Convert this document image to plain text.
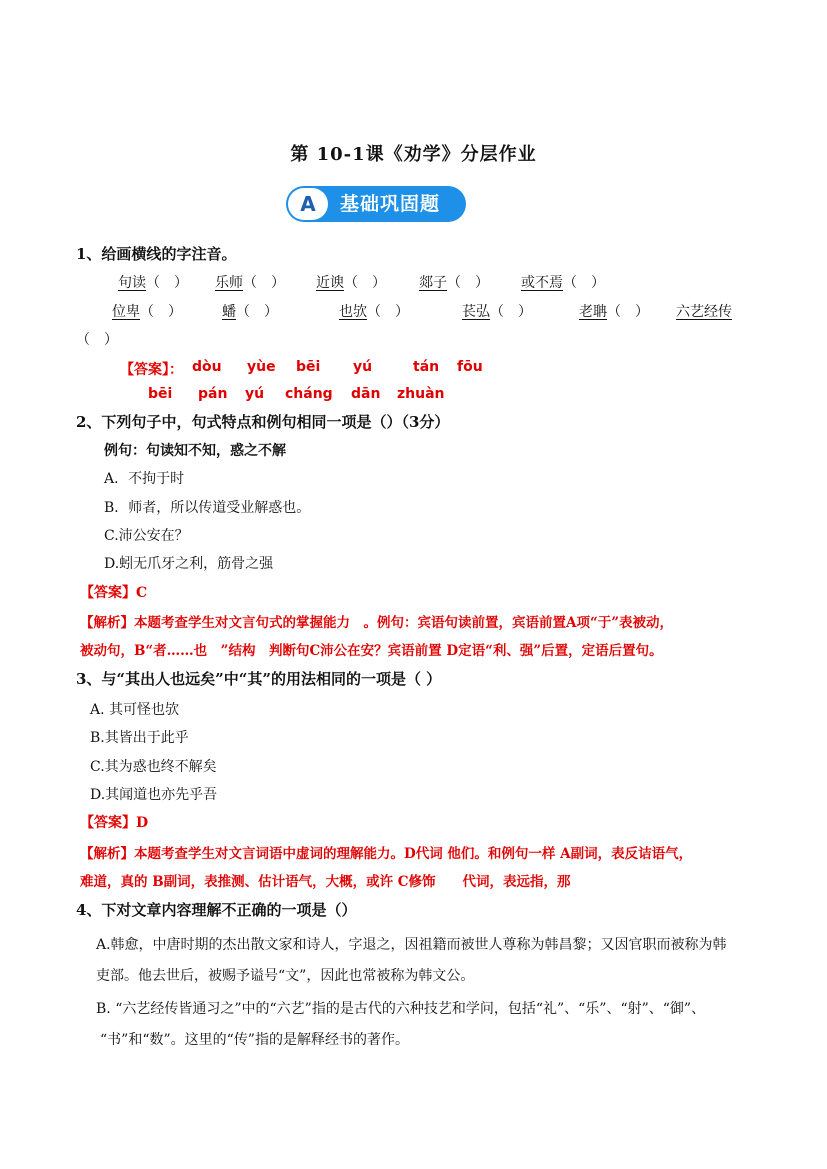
第 10-1课《劝学》分层作业
A	基础巩固题
1、给画横线的字注音。
句读（　） 乐师（　） 近谀（　） 郯子（　） 或不焉（　）
位卑（　）	蟠（　）	也欤（　）	苌弘（　）	老聃（　） 六艺经传
（　）
【答案】： dòu yùe bēi yú	tán fōu
bēi pán yú cháng dān zhuàn
2、下列句子中，句式特点和例句相同一项是（）（3分）
例句：句读知不知，惑之不解
A．不拘于时
B．师者，所以传道受业解惑也。
C.沛公安在？
D.蚓无爪牙之利，筋骨之强
【答案】C
【解析】本题考查学生对文言句式的掌握能力　。例句：宾语句读前置，宾语前置A项“于”表被动，
被动句，B“者……也　”结构　判断句C沛公在安？宾语前置 D定语“利、强”后置，定语后置句。
3、与“其出人也远矣”中“其”的用法相同的一项是（ ）
A. 其可怪也欤
B.其皆出于此乎
C.其为惑也终不解矣
D.其闻道也亦先乎吾
【答案】D
【解析】本题考查学生对文言词语中虚词的理解能力。D代词 他们。和例句一样 A副词，表反诘语气，
难道，真的 B副词，表推测、估计语气，大概，或许 C修饰　　代词，表远指，那
4、下对文章内容理解不正确的一项是（）
A.韩愈，中唐时期的杰出散文家和诗人，字退之，因祖籍而被世人尊称为韩昌黎；又因官职而被称为韩
吏部。他去世后，被赐予谥号“文”，因此也常被称为韩文公。
B. “六艺经传皆通习之”中的“六艺”指的是古代的六种技艺和学问，包括“礼”、“乐”、“射”、“御”、
“书”和“数”。这里的“传”指的是解释经书的著作。
